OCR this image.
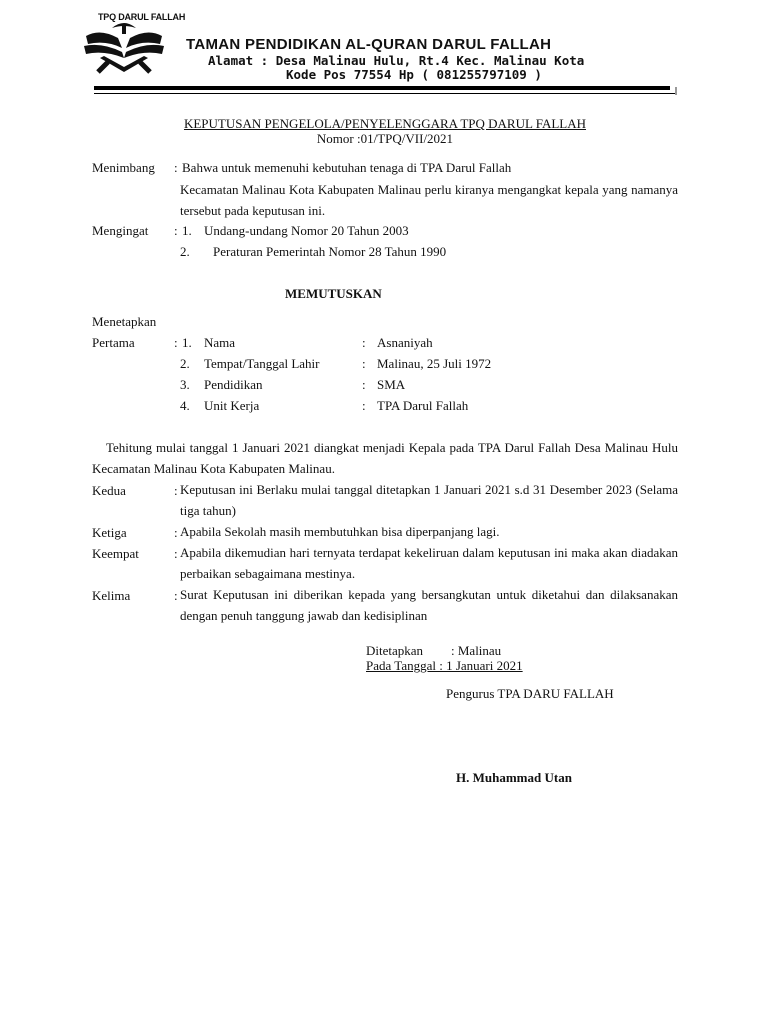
TPQ DARUL FALLAH
TAMAN PENDIDIKAN AL-QURAN DARUL FALLAH
Alamat : Desa Malinau Hulu, Rt.4 Kec. Malinau Kota
Kode Pos 77554 Hp ( 081255797109 )
KEPUTUSAN PENGELOLA/PENYELENGGARA TPQ DARUL FALLAH
Nomor :01/TPQ/VII/2021
Menimbang : Bahwa untuk memenuhi kebutuhan tenaga di TPA Darul Fallah
Kecamatan Malinau Kota Kabupaten Malinau perlu kiranya mengangkat kepala yang namanya tersebut pada keputusan ini.
Mengingat : 1. Undang-undang Nomor 20 Tahun 2003
2. Peraturan Pemerintah Nomor 28 Tahun 1990
MEMUTUSKAN
Menetapkan
Pertama	: 1. Nama	: Asnaniyah
2. Tempat/Tanggal Lahir	: Malinau, 25 Juli 1972
3. Pendidikan	: SMA
4. Unit Kerja	: TPA Darul Fallah
Tehitung mulai tanggal 1 Januari 2021 diangkat menjadi Kepala pada TPA Darul Fallah Desa Malinau Hulu Kecamatan Malinau Kota Kabupaten Malinau.
Kedua	: Keputusan ini Berlaku mulai tanggal ditetapkan 1 Januari 2021 s.d 31 Desember 2023 (Selama tiga tahun)
Ketiga	: Apabila Sekolah masih membutuhkan bisa diperpanjang lagi.
Keempat	: Apabila dikemudian hari ternyata terdapat kekeliruan dalam keputusan ini maka akan diadakan perbaikan sebagaimana mestinya.
Kelima	: Surat Keputusan ini diberikan kepada yang bersangkutan untuk diketahui dan dilaksanakan dengan penuh tanggung jawab dan kedisiplinan
Ditetapkan : Malinau
Pada Tanggal : 1 Januari 2021
Pengurus TPA DARU FALLAH
H. Muhammad Utan
